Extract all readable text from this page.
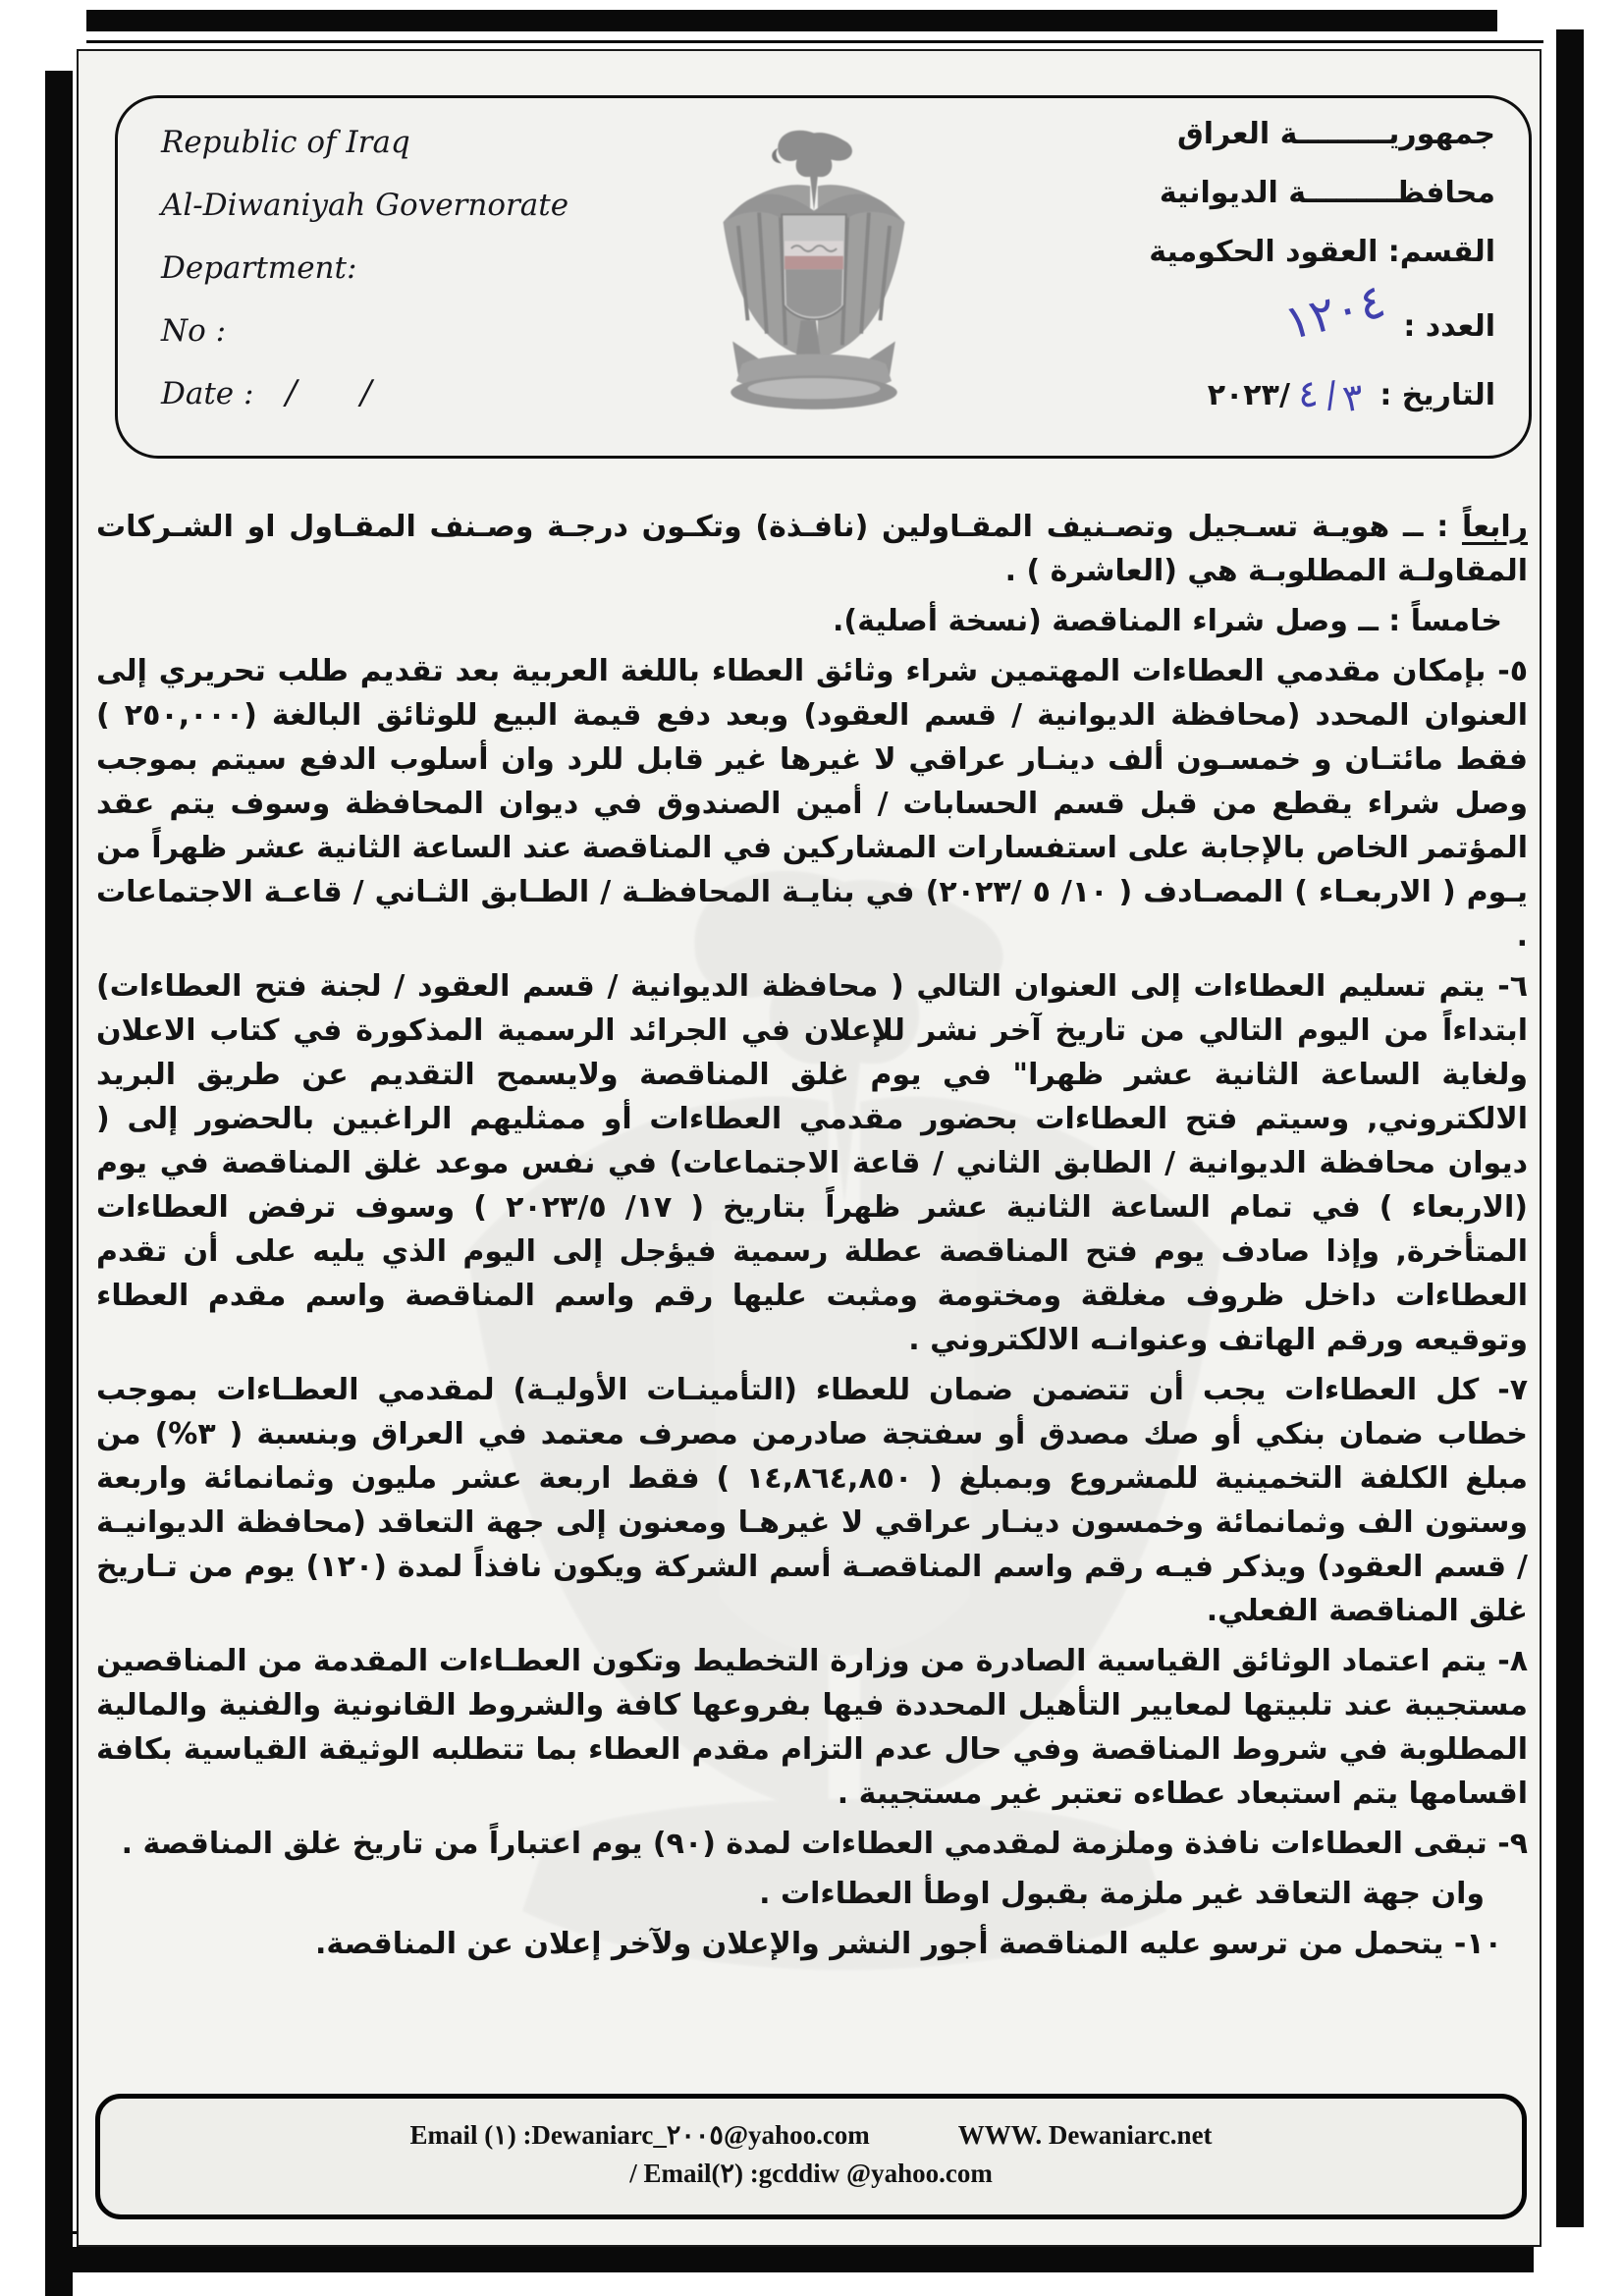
Republic of Iraq
Al-Diwaniyah Governorate
Department:
No :
Date :   /      /
جمهوريـــــــــة العراق
محافظـــــــــة الديوانية
القسم: العقود الحكومية
العدد :١٢٠٤
التاريخ : ٣/٤/٢٠٢٣

رابعاً : ــ هويـة تسـجيل وتصـنيف المقـاولين (نافـذة) وتكـون درجـة وصـنف المقـاول او الشـركات المقاولـة المطلوبـة هي (العاشرة ) .

خامساً : ــ وصل شراء المناقصة (نسخة أصلية).

٥- بإمكان مقدمي العطاءات المهتمين شراء وثائق العطاء باللغة العربية بعد تقديم طلب تحريري إلى العنوان المحدد (محافظة الديوانية / قسم العقود) وبعد دفع قيمة البيع للوثائق البالغة (٢٥٠,٠٠٠ ) فقط مائتـان و خمسـون ألف دينـار عراقي لا غيرها غير قابل للرد وان أسلوب الدفع سيتم بموجب وصل شراء يقطع من قبل قسم الحسابات / أمين الصندوق في ديوان المحافظة وسوف يتم عقد المؤتمر الخاص بالإجابة على استفسارات المشاركين في المناقصة عند الساعة الثانية عشر ظهراً من يـوم ( الاربعـاء ) المصـادف ( ١٠‏/ ٥‏ /٢٠٢٣) في بنايـة المحافظـة / الطـابق الثـاني / قاعـة الاجتماعات .

٦- يتم تسليم العطاءات إلى العنوان التالي ( محافظة الديوانية / قسم العقود / لجنة فتح العطاءات) ابتداءاً من اليوم التالي من تاريخ آخر نشر للإعلان في الجرائد الرسمية المذكورة في كتاب الاعلان ولغاية الساعة الثانية عشر ظهرا" في يوم غلق المناقصة ولايسمح التقديم عن طريق البريد الالكتروني, وسيتم فتح العطاءات بحضور مقدمي العطاءات أو ممثليهم الراغبين بالحضور إلى ( ديوان محافظة الديوانية / الطابق الثاني / قاعة الاجتماعات) في نفس موعد غلق المناقصة في يوم (الاربعاء ) في تمام الساعة الثانية عشر ظهراً بتاريخ ( ١٧‏/ ٥‏/٢٠٢٣ ) وسوف ترفض العطاءات المتأخرة, وإذا صادف يوم فتح المناقصة عطلة رسمية فيؤجل إلى اليوم الذي يليه على أن تقدم العطاءات داخل ظروف مغلقة ومختومة ومثبت عليها رقم واسم المناقصة واسم مقدم العطاء وتوقيعه ورقم الهاتف وعنوانـه الالكتروني .

٧- كل العطاءات يجب أن تتضمن ضمان للعطاء (التأمينـات الأوليـة) لمقدمي العطـاءات بموجب خطاب ضمان بنكي أو صك مصدق أو سفتجة صادرمن مصرف معتمد في العراق وبنسبة ( ٣%) من مبلغ الكلفة التخمينية للمشروع وبمبلغ ( ١٤,٨٦٤,٨٥٠ ) فقط اربعة عشر مليون وثمانمائة واربعة وستون الف وثمانمائة وخمسون دينـار عراقي لا غيرهـا ومعنون إلى جهة التعاقد (محافظة الديوانيـة / قسم العقود) ويذكر فيـه رقم واسم المناقصـة أسم الشركة ويكون نافذاً لمدة (١٢٠) يوم من تـاريخ غلق المناقصة الفعلي.

٨- يتم اعتماد الوثائق القياسية الصادرة من وزارة التخطيط وتكون العطـاءات المقدمة من المناقصين مستجيبة عند تلبيتها لمعايير التأهيل المحددة فيها بفروعها كافة والشروط القانونية والفنية والمالية المطلوبة في شروط المناقصة وفي حال عدم التزام مقدم العطاء بما تتطلبه الوثيقة القياسية بكافة اقسامها يتم استبعاد عطاءه تعتبر غير مستجيبة .

٩- تبقى العطاءات نافذة وملزمة لمقدمي العطاءات لمدة (٩٠) يوم اعتباراً من تاريخ غلق المناقصة .

وان جهة التعاقد غير ملزمة بقبول اوطأ العطاءات .

١٠- يتحمل من ترسو عليه المناقصة أجور النشر والإعلان ولآخر إعلان عن المناقصة.

Email (١) :Dewaniarc_٢٠٠٥@yahoo.com	WWW. Dewaniarc.net
/ Email(٢) :gcddiw @yahoo.com
